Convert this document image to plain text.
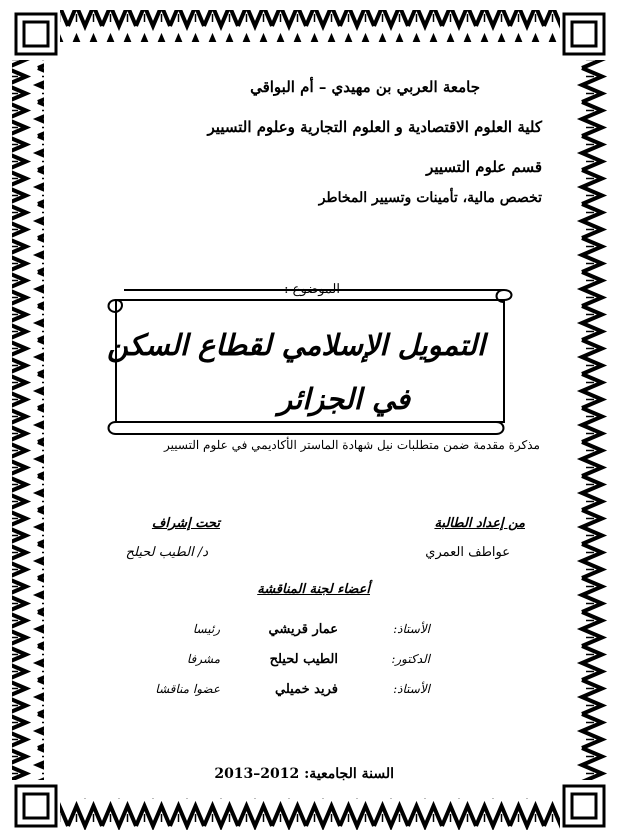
جامعة العربي بن مهيدي – أم البواقي
كلية العلوم الاقتصادية و العلوم التجارية وعلوم التسيير
قسم علوم التسيير
تخصص مالية، تأمينات وتسيير المخاطر
الموضوع :
التمويل الإسلامي لقطاع السكن
في الجزائر
مذكرة مقدمة ضمن متطلبات نيل شهادة الماستر الأكاديمي في علوم التسيير
من إعداد الطالبة
عواطف العمري
تحت إشراف
د/ الطيب لحيلح
أعضاء لجنة المناقشة
الأستاذ:
عمار قريشي
رئيسا
الدكتور:
الطيب لحيلح
مشرفا
الأستاذ:
فريد خميلي
عضوا مناقشا
السنة الجامعية: 2012–2013
